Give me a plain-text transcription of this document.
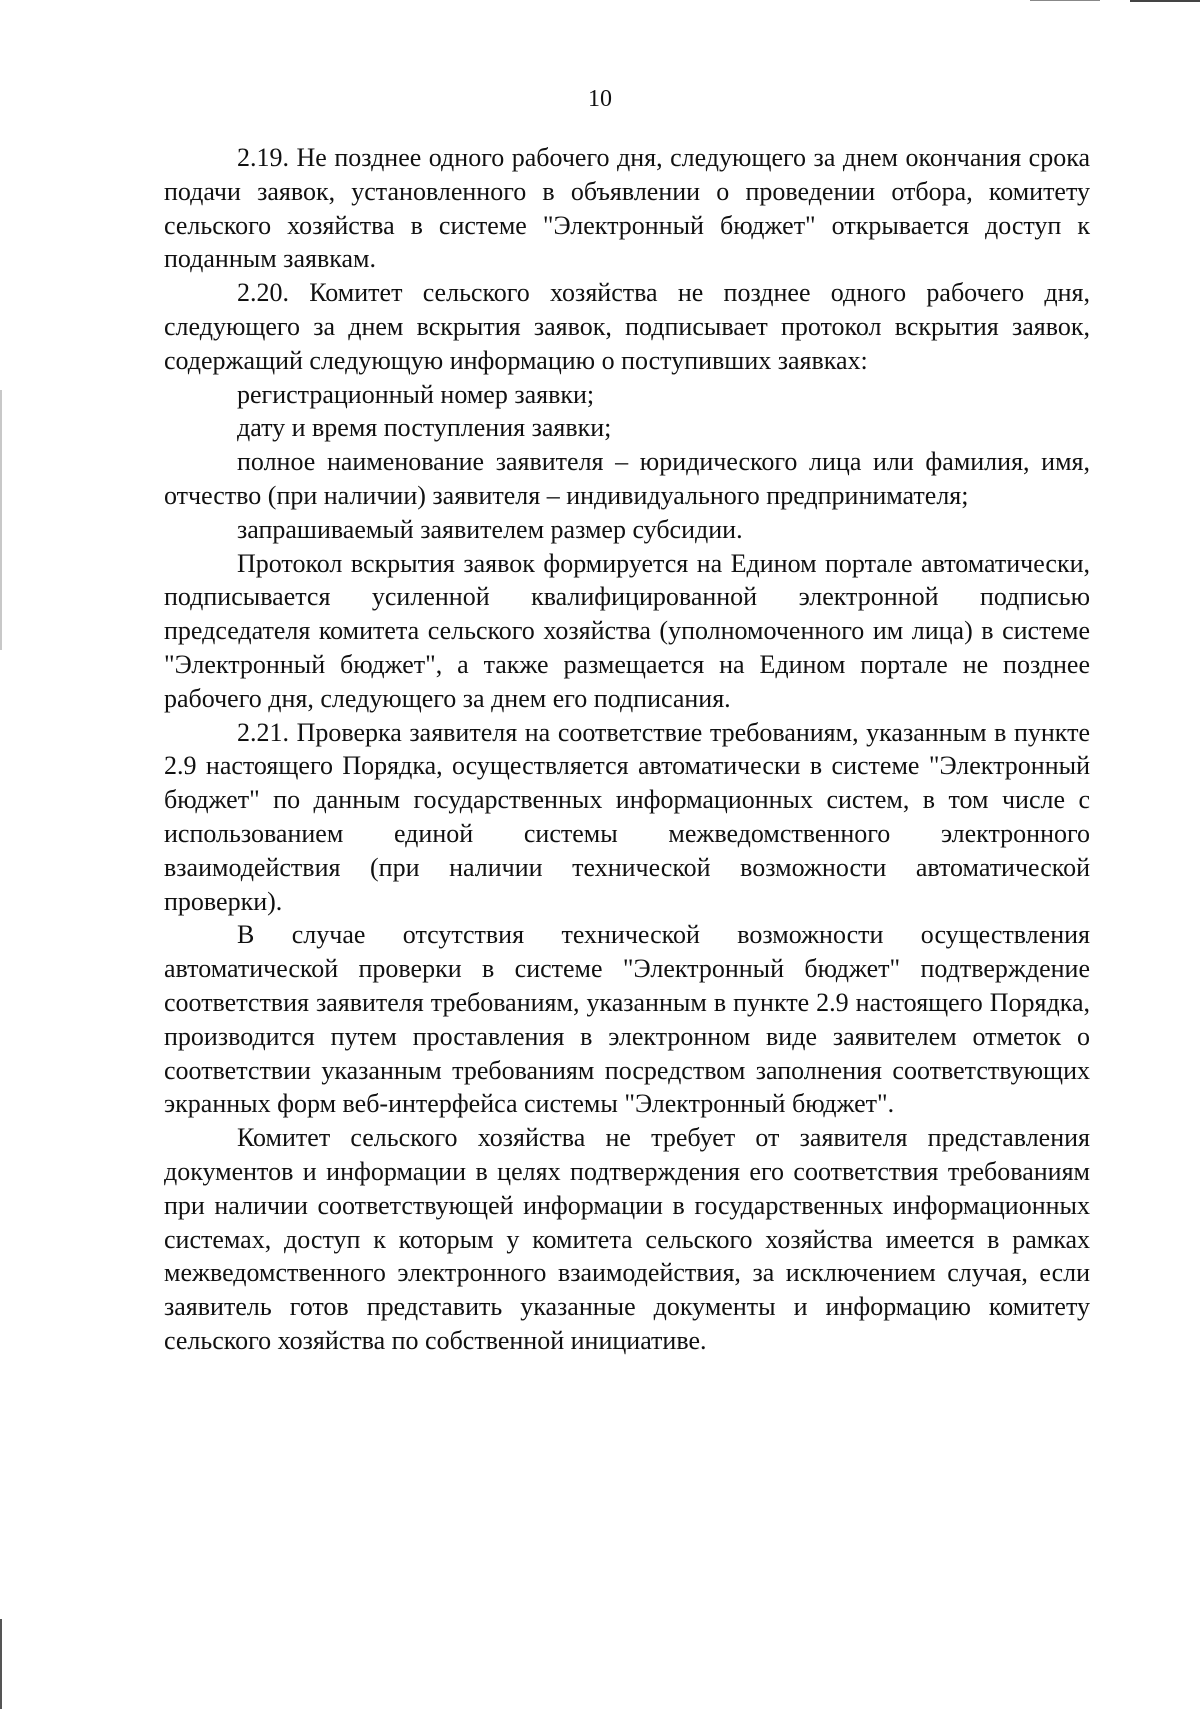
10

2.19. Не позднее одного рабочего дня, следующего за днем окончания срока подачи заявок, установленного в объявлении о проведении отбора, комитету сельского хозяйства в системе "Электронный бюджет" открывается доступ к поданным заявкам.

2.20. Комитет сельского хозяйства не позднее одного рабочего дня, следующего за днем вскрытия заявок, подписывает протокол вскрытия заявок, содержащий следующую информацию о поступивших заявках:

регистрационный номер заявки;

дату и время поступления заявки;

полное наименование заявителя – юридического лица или фамилия, имя, отчество (при наличии) заявителя – индивидуального предпринимателя;

запрашиваемый заявителем размер субсидии.

Протокол вскрытия заявок формируется на Едином портале автоматически, подписывается усиленной квалифицированной электронной подписью председателя комитета сельского хозяйства (уполномоченного им лица) в системе "Электронный бюджет", а также размещается на Едином портале не позднее рабочего дня, следующего за днем его подписания.

2.21. Проверка заявителя на соответствие требованиям, указанным в пункте 2.9 настоящего Порядка, осуществляется автоматически в системе "Электронный бюджет" по данным государственных информационных систем, в том числе с использованием единой системы межведомственного электронного взаимодействия (при наличии технической возможности автоматической проверки).

В случае отсутствия технической возможности осуществления автоматической проверки в системе "Электронный бюджет" подтверждение соответствия заявителя требованиям, указанным в пункте 2.9 настоящего Порядка, производится путем проставления в электронном виде заявителем отметок о соответствии указанным требованиям посредством заполнения соответствующих экранных форм веб-интерфейса системы "Электронный бюджет".

Комитет сельского хозяйства не требует от заявителя представления документов и информации в целях подтверждения его соответствия требованиям при наличии соответствующей информации в государственных информационных системах, доступ к которым у комитета сельского хозяйства имеется в рамках межведомственного электронного взаимодействия, за исключением случая, если заявитель готов представить указанные документы и информацию комитету сельского хозяйства по собственной инициативе.
